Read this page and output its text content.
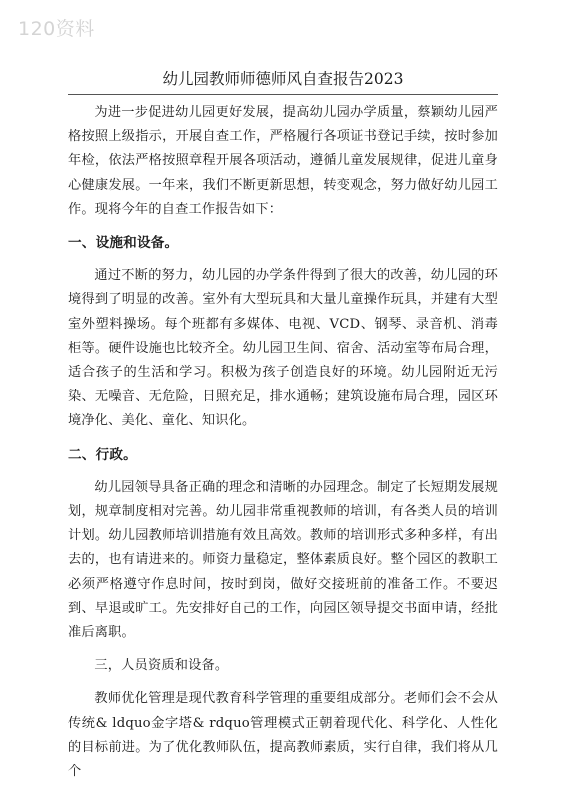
120资料
幼儿园教师师德师风自查报告2023

为进一步促进幼儿园更好发展，提高幼儿园办学质量，蔡颖幼儿园严格按照上级指示，开展自查工作，严格履行各项证书登记手续，按时参加年检，依法严格按照章程开展各项活动，遵循儿童发展规律，促进儿童身心健康发展。一年来，我们不断更新思想，转变观念，努力做好幼儿园工作。现将今年的自查工作报告如下：

一、设施和设备。

通过不断的努力，幼儿园的办学条件得到了很大的改善，幼儿园的环境得到了明显的改善。室外有大型玩具和大量儿童操作玩具，并建有大型室外塑料操场。每个班都有多媒体、电视、VCD、钢琴、录音机、消毒柜等。硬件设施也比较齐全。幼儿园卫生间、宿舍、活动室等布局合理，适合孩子的生活和学习。积极为孩子创造良好的环境。幼儿园附近无污染、无噪音、无危险，日照充足，排水通畅；建筑设施布局合理，园区环境净化、美化、童化、知识化。

二、行政。

幼儿园领导具备正确的理念和清晰的办园理念。制定了长短期发展规划，规章制度相对完善。幼儿园非常重视教师的培训，有各类人员的培训计划。幼儿园教师培训措施有效且高效。教师的培训形式多种多样，有出去的，也有请进来的。师资力量稳定，整体素质良好。整个园区的教职工必须严格遵守作息时间，按时到岗，做好交接班前的准备工作。不要迟到、早退或旷工。先安排好自己的工作，向园区领导提交书面申请，经批准后离职。

三，人员资质和设备。

教师优化管理是现代教育科学管理的重要组成部分。老师们会不会从传统& ldquo金字塔& rdquo管理模式正朝着现代化、科学化、人性化的目标前进。为了优化教师队伍，提高教师素质，实行自律，我们将从几个
